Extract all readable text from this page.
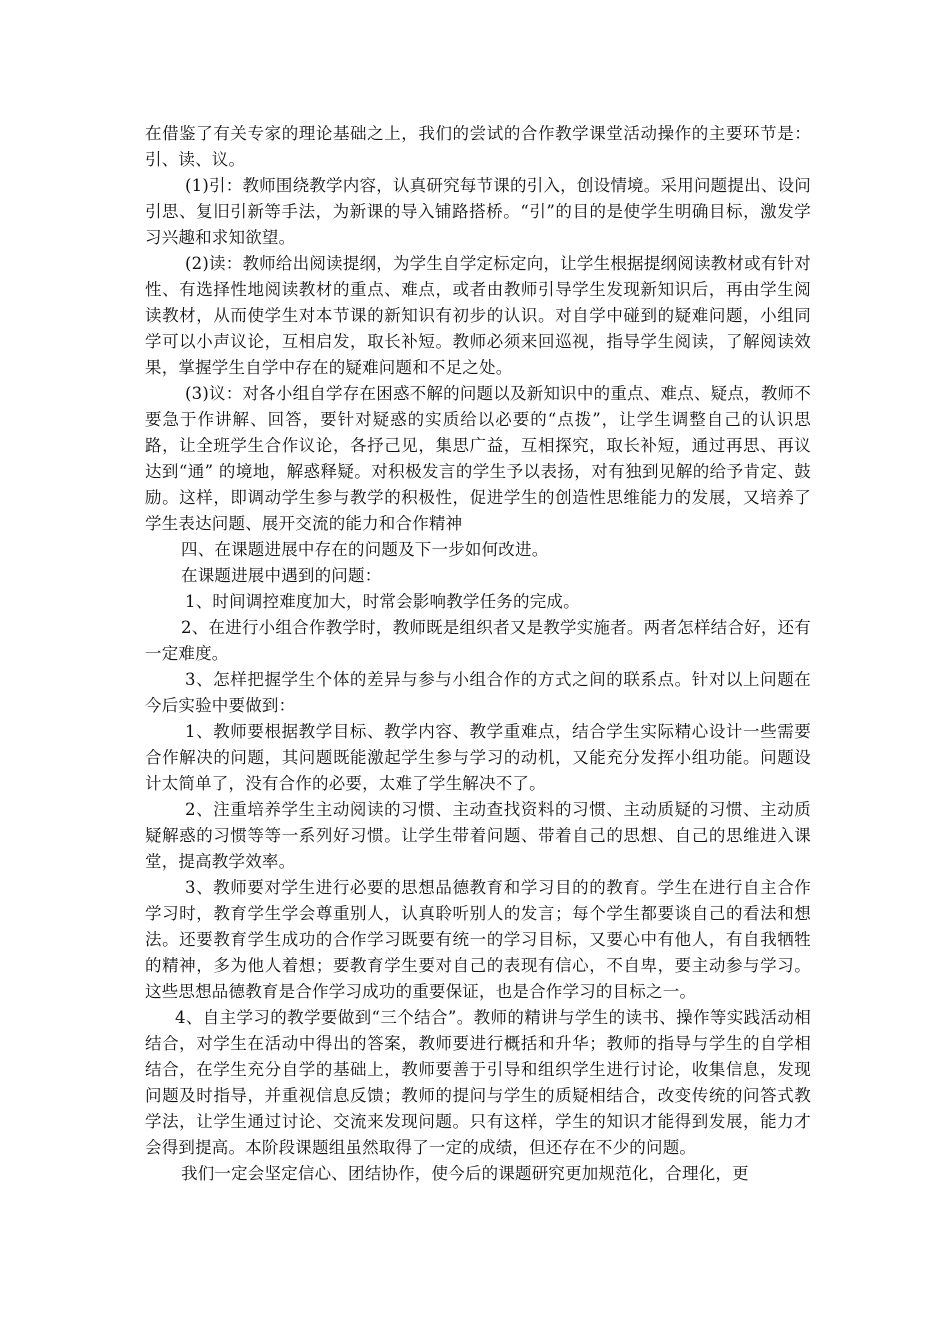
在借鉴了有关专家的理论基础之上，我们的尝试的合作教学课堂活动操作的主要环节是：引、读、议。

(1)引：教师围绕教学内容，认真研究每节课的引入，创设情境。采用问题提出、设问引思、复旧引新等手法，为新课的导入铺路搭桥。“引”的目的是使学生明确目标，激发学习兴趣和求知欲望。

(2)读：教师给出阅读提纲，为学生自学定标定向，让学生根据提纲阅读教材或有针对性、有选择性地阅读教材的重点、难点，或者由教师引导学生发现新知识后，再由学生阅读教材，从而使学生对本节课的新知识有初步的认识。对自学中碰到的疑难问题，小组同学可以小声议论，互相启发，取长补短。教师必须来回巡视，指导学生阅读，了解阅读效果，掌握学生自学中存在的疑难问题和不足之处。

(3)议：对各小组自学存在困惑不解的问题以及新知识中的重点、难点、疑点，教师不要急于作讲解、回答，要针对疑惑的实质给以必要的“点拨”，让学生调整自己的认识思路，让全班学生合作议论，各抒己见，集思广益，互相探究，取长补短，通过再思、再议达到“通” 的境地，解惑释疑。对积极发言的学生予以表扬，对有独到见解的给予肯定、鼓励。这样，即调动学生参与教学的积极性，促进学生的创造性思维能力的发展，又培养了学生表达问题、展开交流的能力和合作精神

四、在课题进展中存在的问题及下一步如何改进。

在课题进展中遇到的问题：

1、时间调控难度加大，时常会影响教学任务的完成。

2、在进行小组合作教学时，教师既是组织者又是教学实施者。两者怎样结合好，还有一定难度。

3、怎样把握学生个体的差异与参与小组合作的方式之间的联系点。针对以上问题在今后实验中要做到：

1、教师要根据教学目标、教学内容、教学重难点，结合学生实际精心设计一些需要合作解决的问题，其问题既能激起学生参与学习的动机，又能充分发挥小组功能。问题设计太简单了，没有合作的必要，太难了学生解决不了。

2、注重培养学生主动阅读的习惯、主动查找资料的习惯、主动质疑的习惯、主动质疑解惑的习惯等等一系列好习惯。让学生带着问题、带着自己的思想、自己的思维进入课堂，提高教学效率。

3、教师要对学生进行必要的思想品德教育和学习目的的教育。学生在进行自主合作学习时，教育学生学会尊重别人，认真聆听别人的发言；每个学生都要谈自己的看法和想法。还要教育学生成功的合作学习既要有统一的学习目标，又要心中有他人，有自我牺牲的精神，多为他人着想；要教育学生要对自己的表现有信心，不自卑，要主动参与学习。这些思想品德教育是合作学习成功的重要保证，也是合作学习的目标之一。

4、自主学习的教学要做到“三个结合”。教师的精讲与学生的读书、操作等实践活动相结合，对学生在活动中得出的答案，教师要进行概括和升华；教师的指导与学生的自学相结合，在学生充分自学的基础上，教师要善于引导和组织学生进行讨论，收集信息，发现问题及时指导，并重视信息反馈；教师的提问与学生的质疑相结合，改变传统的问答式教学法，让学生通过讨论、交流来发现问题。只有这样，学生的知识才能得到发展，能力才会得到提高。本阶段课题组虽然取得了一定的成绩，但还存在不少的问题。

我们一定会坚定信心、团结协作，使今后的课题研究更加规范化，合理化，更
